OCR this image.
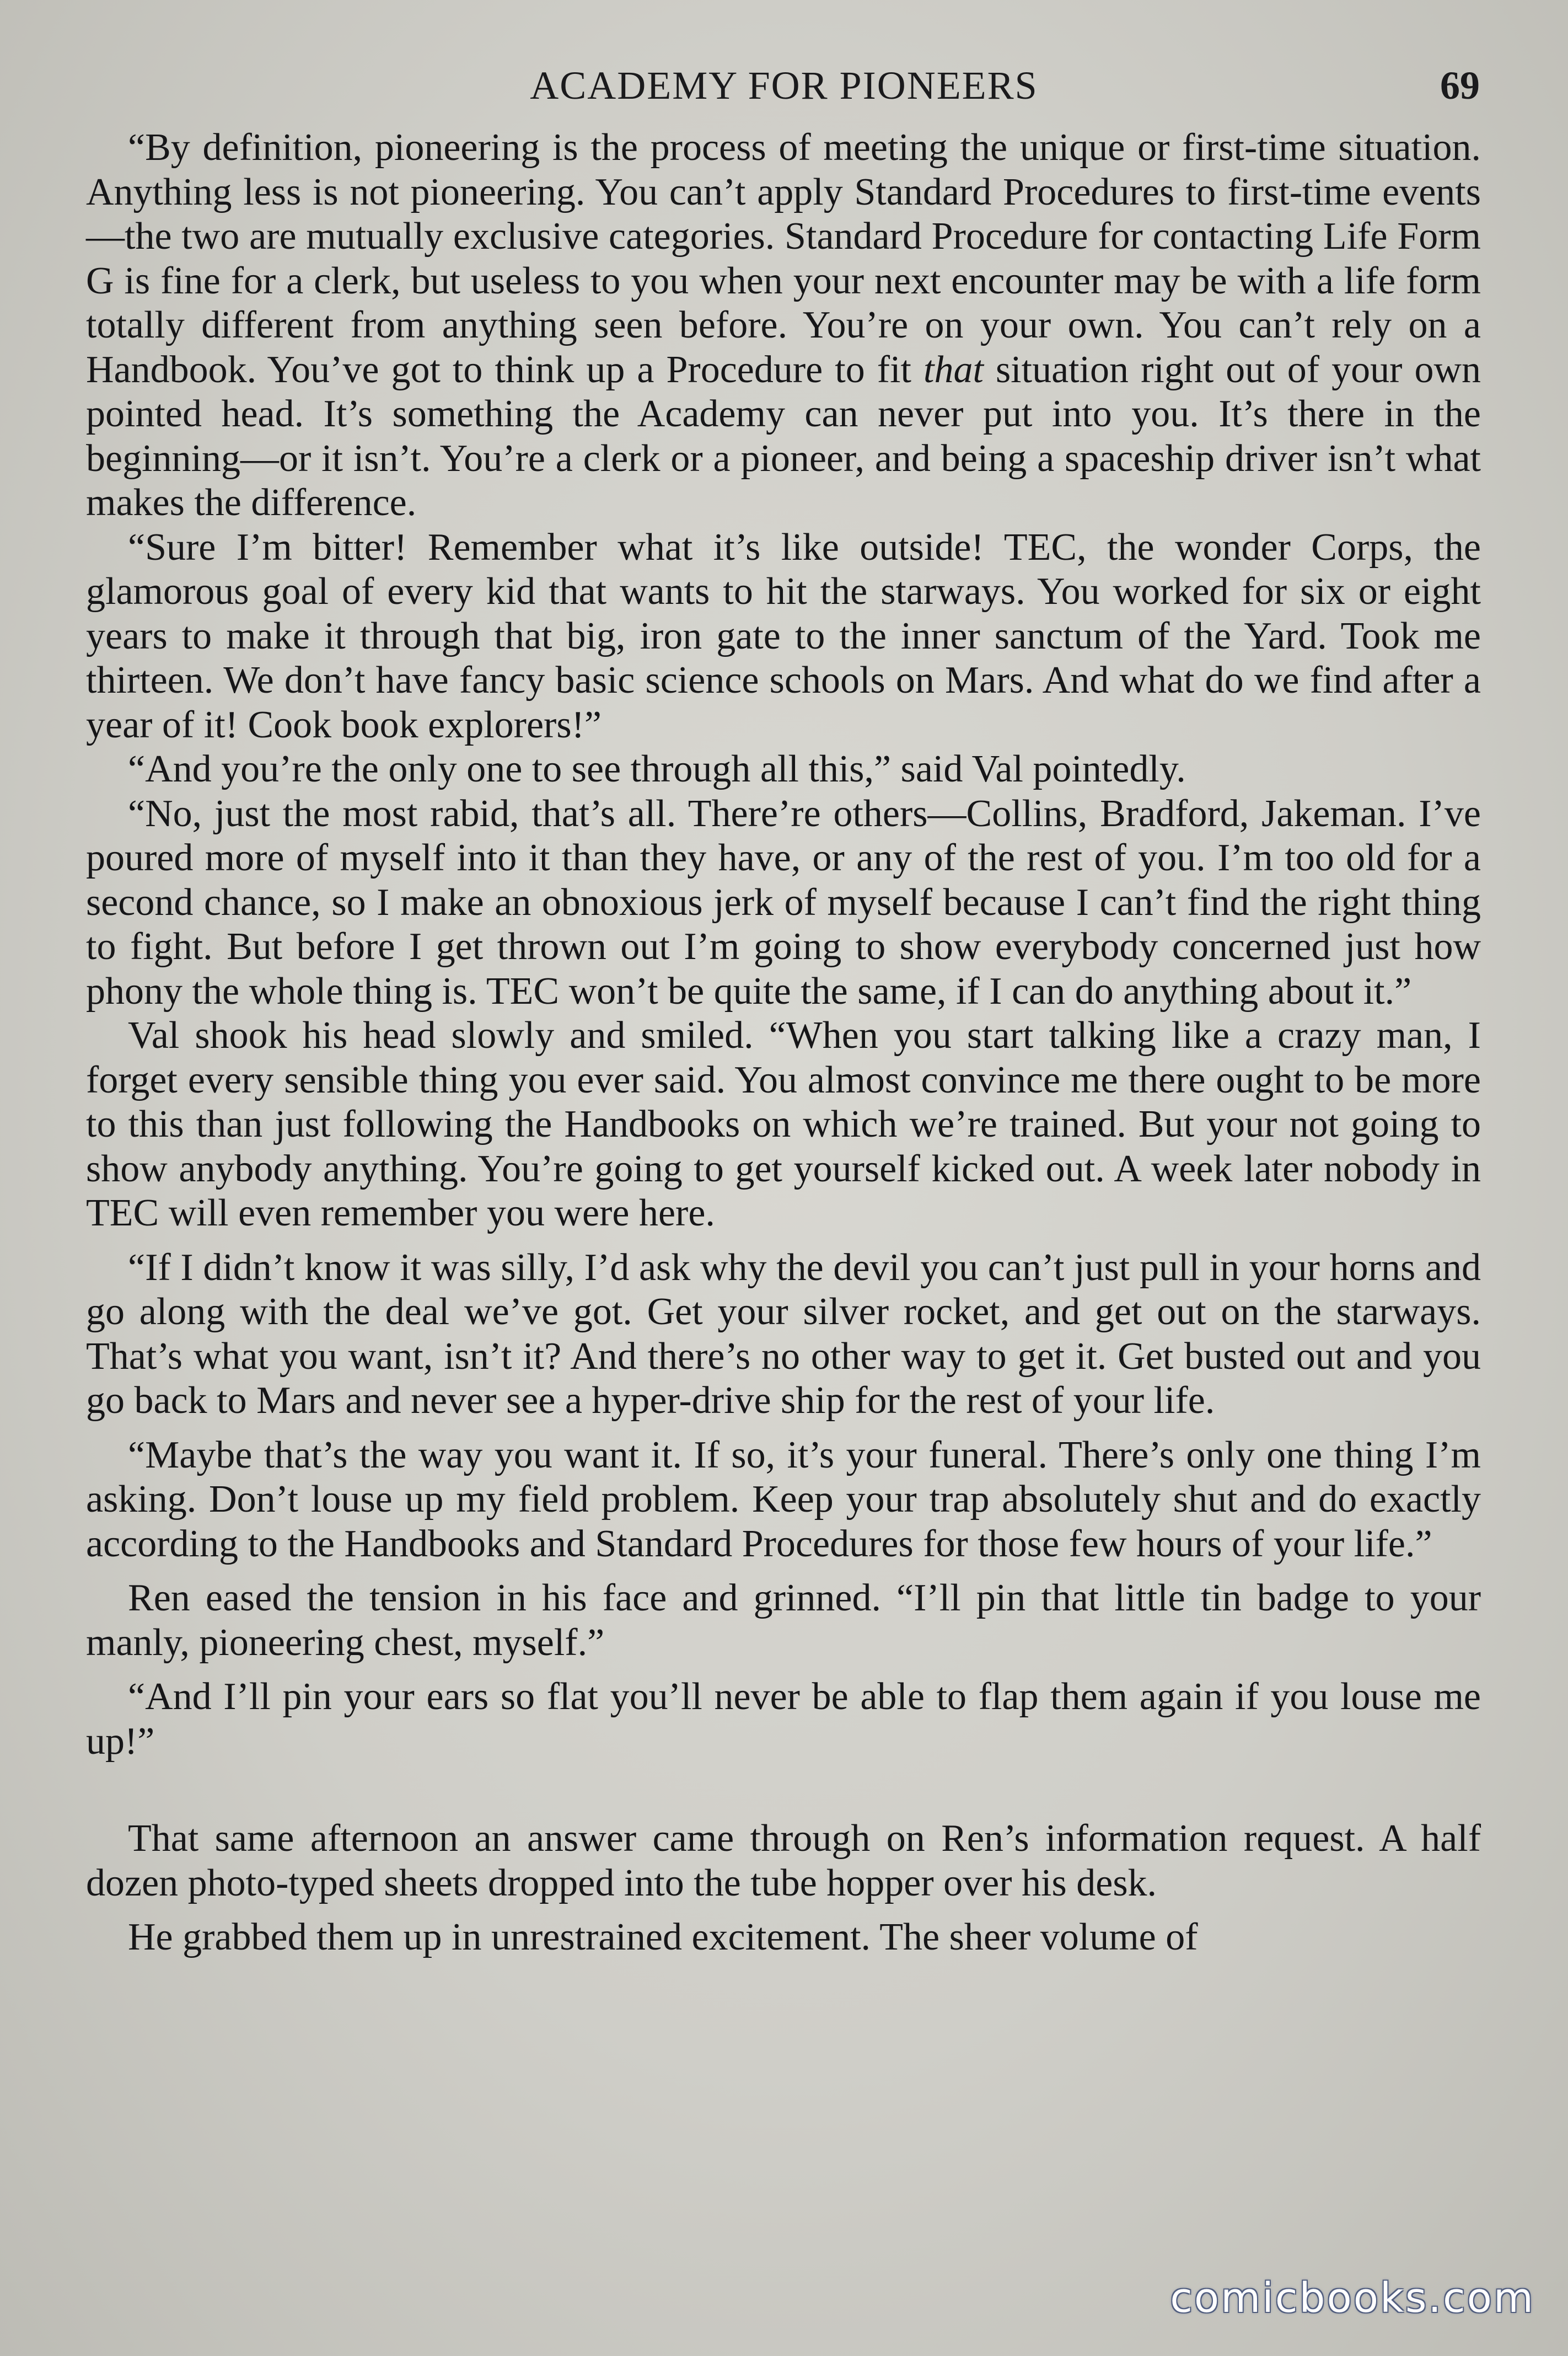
ACADEMY FOR PIONEERS	69

“By definition, pioneering is the process of meeting the unique or first-time situation. Anything less is not pioneering. You can’t apply Standard Procedures to first-time events—the two are mutually exclusive categories. Standard Procedure for contacting Life Form G is fine for a clerk, but useless to you when your next encounter may be with a life form totally different from anything seen before. You’re on your own. You can’t rely on a Handbook. You’ve got to think up a Procedure to fit that situation right out of your own pointed head. It’s something the Academy can never put into you. It’s there in the beginning—or it isn’t. You’re a clerk or a pioneer, and being a spaceship driver isn’t what makes the difference.

“Sure I’m bitter! Remember what it’s like outside! TEC, the wonder Corps, the glamorous goal of every kid that wants to hit the starways. You worked for six or eight years to make it through that big, iron gate to the inner sanctum of the Yard. Took me thirteen. We don’t have fancy basic science schools on Mars. And what do we find after a year of it! Cook book explorers!”

“And you’re the only one to see through all this,” said Val pointedly.

“No, just the most rabid, that’s all. There’re others—Collins, Bradford, Jakeman. I’ve poured more of myself into it than they have, or any of the rest of you. I’m too old for a second chance, so I make an obnoxious jerk of myself because I can’t find the right thing to fight. But before I get thrown out I’m going to show everybody concerned just how phony the whole thing is. TEC won’t be quite the same, if I can do anything about it.”

Val shook his head slowly and smiled. “When you start talking like a crazy man, I forget every sensible thing you ever said. You almost convince me there ought to be more to this than just following the Handbooks on which we’re trained. But your not going to show anybody anything. You’re going to get yourself kicked out. A week later nobody in TEC will even remember you were here.

“If I didn’t know it was silly, I’d ask why the devil you can’t just pull in your horns and go along with the deal we’ve got. Get your silver rocket, and get out on the starways. That’s what you want, isn’t it? And there’s no other way to get it. Get busted out and you go back to Mars and never see a hyper-drive ship for the rest of your life.

“Maybe that’s the way you want it. If so, it’s your funeral. There’s only one thing I’m asking. Don’t louse up my field problem. Keep your trap absolutely shut and do exactly according to the Handbooks and Standard Procedures for those few hours of your life.”

Ren eased the tension in his face and grinned. “I’ll pin that little tin badge to your manly, pioneering chest, myself.”

“And I’ll pin your ears so flat you’ll never be able to flap them again if you louse me up!”

That same afternoon an answer came through on Ren’s information request. A half dozen photo-typed sheets dropped into the tube hopper over his desk.

He grabbed them up in unrestrained excitement. The sheer volume of

comicbooks.com
